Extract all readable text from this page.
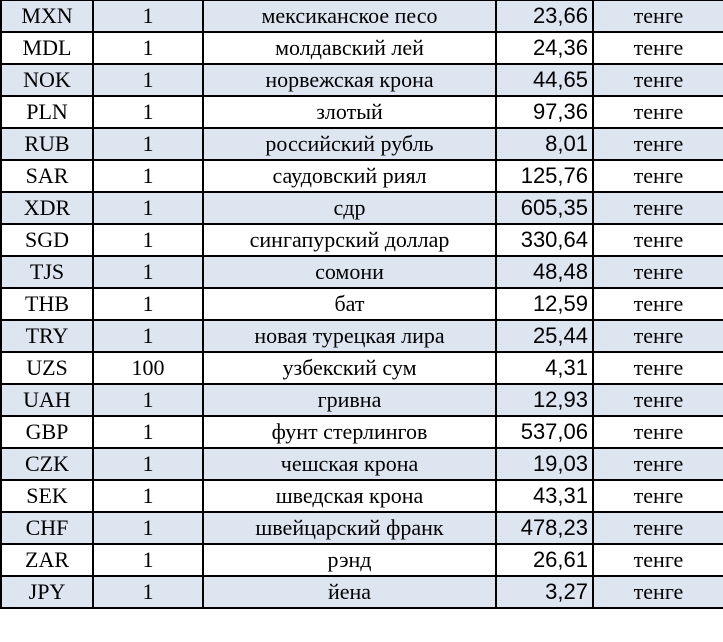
MXN	1	мексиканское песо	23,66	тенге
MDL	1	молдавский лей	24,36	тенге
NOK	1	норвежская крона	44,65	тенге
PLN	1	злотый	97,36	тенге
RUB	1	российский рубль	8,01	тенге
SAR	1	саудовский риял	125,76	тенге
XDR	1	сдр	605,35	тенге
SGD	1	сингапурский доллар	330,64	тенге
TJS	1	сомони	48,48	тенге
THB	1	бат	12,59	тенге
TRY	1	новая турецкая лира	25,44	тенге
UZS	100	узбекский сум	4,31	тенге
UAH	1	гривна	12,93	тенге
GBP	1	фунт стерлингов	537,06	тенге
CZK	1	чешская крона	19,03	тенге
SEK	1	шведская крона	43,31	тенге
CHF	1	швейцарский франк	478,23	тенге
ZAR	1	рэнд	26,61	тенге
JPY	1	йена	3,27	тенге
